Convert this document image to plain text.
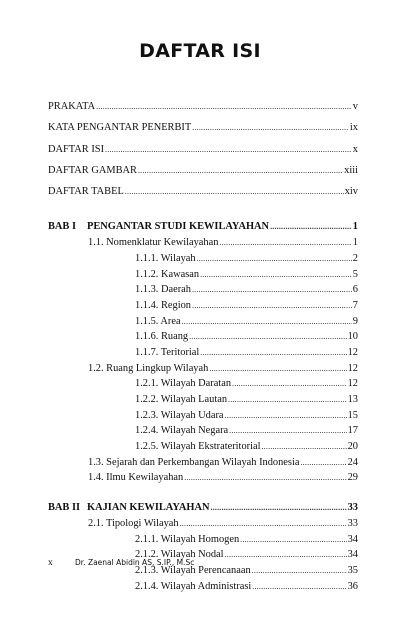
DAFTAR ISI
PRAKATA .....	v
KATA PENGANTAR PENERBIT .....	ix
DAFTAR ISI .....	x
DAFTAR GAMBAR .....	xiii
DAFTAR TABEL .....	xiv
BAB I PENGANTAR STUDI KEWILAYAHAN .....	1
1.1. Nomenklatur Kewilayahan .....	1
1.1.1. Wilayah .....	2
1.1.2. Kawasan .....	5
1.1.3. Daerah .....	6
1.1.4. Region .....	7
1.1.5. Area .....	9
1.1.6. Ruang .....	10
1.1.7. Teritorial .....	12
1.2. Ruang Lingkup Wilayah .....	12
1.2.1. Wilayah Daratan .....	12
1.2.2. Wilayah Lautan .....	13
1.2.3. Wilayah Udara .....	15
1.2.4. Wilayah Negara .....	17
1.2.5. Wilayah Ekstrateritorial .....	20
1.3. Sejarah dan Perkembangan Wilayah Indonesia .....	24
1.4. Ilmu Kewilayahan .....	29
BAB II KAJIAN KEWILAYAHAN .....	33
2.1. Tipologi Wilayah .....	33
2.1.1. Wilayah Homogen .....	34
2.1.2. Wilayah Nodal .....	34
2.1.3. Wilayah Perencanaan .....	35
2.1.4. Wilayah Administrasi .....	36
x	Dr. Zaenal Abidin AS, S.IP., M.Sc
